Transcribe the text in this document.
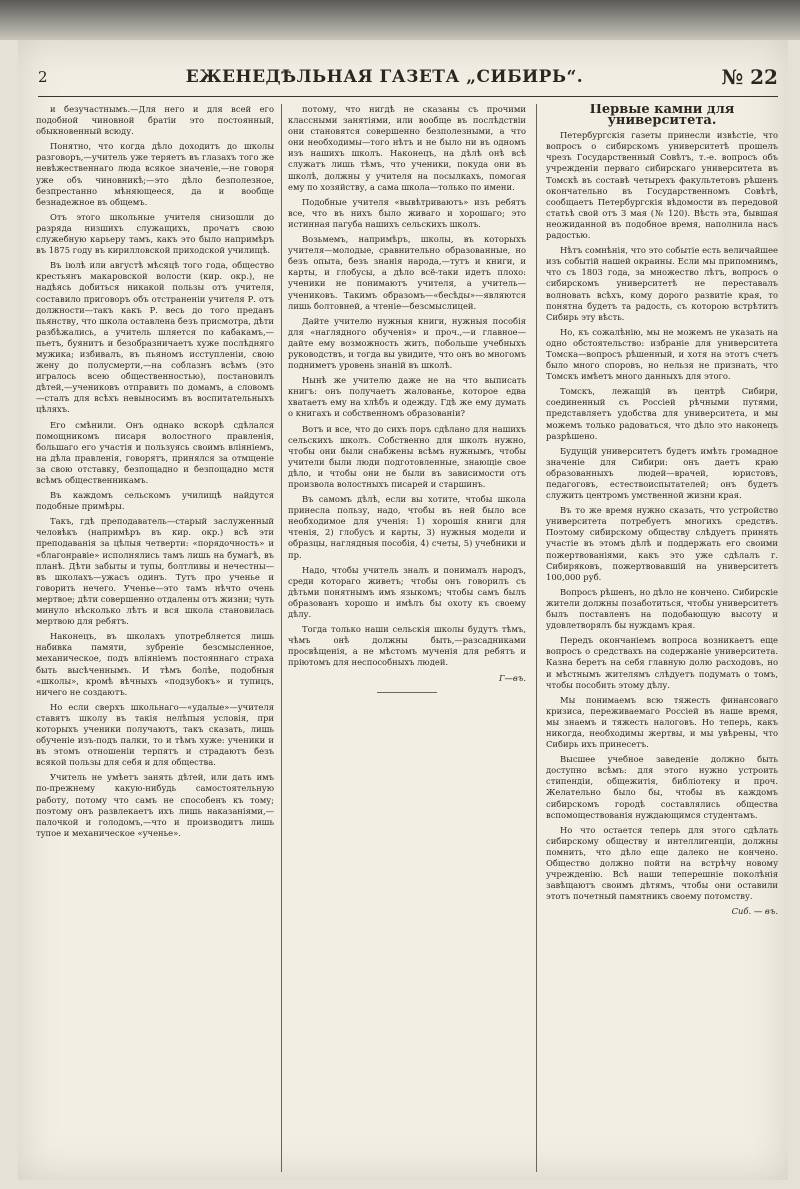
2	ЕЖЕНЕДѢЛЬНАЯ ГАЗЕТА „СИБИРЬ“.	№ 22

и безучастнымъ.—Для него и для всей его подобной чиновной братіи это постоянный, обыкновенный всюду.

Понятно, что когда дѣло доходитъ до школы разговоръ,—учитель уже теряетъ въ глазахъ того же невѣжественнаго люда всякое значеніе,—не говоря уже объ чиновникѣ;—это дѣло безполезное, безпрестанно мѣняющееся, да и вообще безнадежное въ общемъ.

Отъ этого школьные учителя снизошли до разряда низшихъ служащихъ, прочатъ свою служебную карьеру тамъ, какъ это было напримѣръ въ 1875 году въ кирилловской приходской училищѣ.

Въ іюлѣ или августѣ мѣсяцѣ того года, общество крестьянъ макаровской волости (кир. окр.), не надѣясь добиться никакой пользы отъ учителя, составило приговоръ объ отстраненіи учителя Р. отъ должности—такъ какъ Р. весь до того преданъ пьянству, что школа оставлена безъ присмотра, дѣти разбѣжались, а учитель шляется по кабакамъ,—пьетъ, буянитъ и безобразничаетъ хуже послѣдняго мужика; избивалъ, въ пьяномъ исступленіи, свою жену до полусмерти,—на соблазнъ всѣмъ (это игралось всею общественностью), постановилъ дѣтей,—учениковъ отправить по домамъ, а словомъ—сталъ для всѣхъ невыносимъ въ воспитательныхъ цѣляхъ.

Его смѣнили. Онъ однако вскорѣ сдѣлался помощникомъ писаря волостного правленія, большаго его участія и пользуясь своимъ вліяніемъ, на дѣла правленія, говорятъ, принялся за отмщеніе за свою отставку, безпощадно и безпощадно мстя всѣмъ общественникамъ.

Въ каждомъ сельскомъ училищѣ найдутся подобные примѣры.

Такъ, гдѣ преподаватель—старый заслуженный человѣкъ (напримѣръ въ кир. окр.) всѣ эти преподаванія за цѣлыя четверти: «порядочность» и «благонравіе» исполнялись тамъ лишь на бумагѣ, въ планѣ. Дѣти забыты и тупы, болтливы и нечестны—въ школахъ—ужасъ одинъ. Тутъ про ученье и говорить нечего. Ученье—это тамъ нѣчто очень мертвое; дѣти совершенно отдалены отъ жизни; чуть минуло нѣсколько лѣтъ и вся школа становилась мертвою для ребятъ.

Наконецъ, въ школахъ употребляется лишь набивка памяти, зубреніе безсмысленное, механическое, подъ вліяніемъ постояннаго страха быть высѣченнымъ. И тѣмъ болѣе, подобныя «школы», кромѣ вѣчныхъ «подзубокъ» и тупицъ, ничего не создаютъ.

Но если сверхъ школьнаго—«удалые»—учителя ставятъ школу въ такія нелѣпыя условія, при которыхъ ученики получаютъ, такъ сказать, лишь обученіе изъ-подъ палки, то и тѣмъ хуже: ученики и въ этомъ отношеніи терпятъ и страдаютъ безъ всякой пользы для себя и для общества.

Учитель не умѣетъ занять дѣтей, или дать имъ по-прежнему какую-нибудь самостоятельную работу, потому что самъ не способенъ къ тому; поэтому онъ развлекаетъ ихъ лишь наказаніями,—палочкой и голодомъ,—что и производитъ лишь тупое и механическое «ученье».

потому, что нигдѣ не сказаны съ прочими классными занятіями, или вообще въ послѣдствіи они становятся совершенно безполезными, а что они необходимы—того нѣтъ и не было ни въ одномъ изъ нашихъ школъ. Наконецъ, на дѣлѣ онѣ всѣ служатъ лишь тѣмъ, что ученики, покуда они въ школѣ, должны у учителя на посылкахъ, помогая ему по хозяйству, а сама школа—только по имени.

Подобные учителя «вывѣтриваютъ» изъ ребятъ все, что въ нихъ было живаго и хорошаго; это истинная пагуба нашихъ сельскихъ школъ.

Возьмемъ, напримѣръ, школы, въ которыхъ учителя—молодые, сравнительно образованные, но безъ опыта, безъ знанія народа,—тутъ и книги, и карты, и глобусы, а дѣло всё-таки идетъ плохо: ученики не понимаютъ учителя, а учитель—учениковъ. Такимъ образомъ—«бесѣды»—являются лишь болтовней, а чтеніе—безсмыслицей.

Дайте учителю нужныя книги, нужныя пособія для «наглядного обученія» и проч.,—и главное—дайте ему возможность жить, побольше учебныхъ руководствъ, и тогда вы увидите, что онъ во многомъ подниметъ уровень знаній въ школѣ.

Нынѣ же учителю даже не на что выписать книгъ: онъ получаетъ жалованье, которое едва хватаетъ ему на хлѣбъ и одежду. Гдѣ же ему думать о книгахъ и собственномъ образованіи?

Вотъ и все, что до сихъ поръ сдѣлано для нашихъ сельскихъ школъ. Собственно для школъ нужно, чтобы они были снабжены всѣмъ нужнымъ, чтобы учители были люди подготовленные, знающіе свое дѣло, и чтобы они не были въ зависимости отъ произвола волостныхъ писарей и старшинъ.

Въ самомъ дѣлѣ, если вы хотите, чтобы школа принесла пользу, надо, чтобы въ ней было все необходимое для ученія: 1) хорошія книги для чтенія, 2) глобусъ и карты, 3) нужныя модели и образцы, наглядныя пособія, 4) счеты, 5) учебники и пр.

Надо, чтобы учитель зналъ и понималъ народъ, среди котораго живетъ; чтобы онъ говорилъ съ дѣтьми понятнымъ имъ языкомъ; чтобы самъ былъ образованъ хорошо и имѣлъ бы охоту къ своему дѣлу.

Тогда только наши сельскія школы будутъ тѣмъ, чѣмъ онѣ должны быть,—разсадниками просвѣщенія, а не мѣстомъ мученія для ребятъ и пріютомъ для неспособныхъ людей.

Г—въ.

Первые камни для университета.

Петербургскія газеты принесли извѣстіе, что вопросъ о сибирскомъ университетѣ прошелъ чрезъ Государственный Совѣтъ, т.-е. вопросъ объ учрежденіи перваго сибирскаго университета въ Томскѣ въ составѣ четырехъ факультетовъ рѣшенъ окончательно въ Государственномъ Совѣтѣ, сообщаетъ Петербургскія вѣдомости въ передовой статьѣ свой отъ 3 мая (№ 120). Вѣсть эта, бывшая неожиданной въ подобное время, наполнила насъ радостью.

Нѣтъ сомнѣнія, что это событіе есть величайшее изъ событій нашей окраины. Если мы припомнимъ, что съ 1803 года, за множество лѣтъ, вопросъ о сибирскомъ университетѣ не переставалъ волновать всѣхъ, кому дорого развитіе края, то понятна будетъ та радость, съ которою встрѣтитъ Сибирь эту вѣсть.

Но, къ сожалѣнію, мы не можемъ не указать на одно обстоятельство: избраніе для университета Томска—вопросъ рѣшенный, и хотя на этотъ счетъ было много споровъ, но нельзя не признать, что Томскъ имѣетъ много данныхъ для этого.

Томскъ, лежащій въ центрѣ Сибири, соединенный съ Россіей рѣчными путями, представляетъ удобства для университета, и мы можемъ только радоваться, что дѣло это наконецъ разрѣшено.

Будущій университетъ будетъ имѣть громадное значеніе для Сибири: онъ даетъ краю образованныхъ людей—врачей, юристовъ, педагоговъ, естествоиспытателей; онъ будетъ служить центромъ умственной жизни края.

Въ то же время нужно сказать, что устройство университета потребуетъ многихъ средствъ. Поэтому сибирскому обществу слѣдуетъ принять участіе въ этомъ дѣлѣ и поддержать его своими пожертвованіями, какъ это уже сдѣлалъ г. Сибиряковъ, пожертвовавшій на университетъ 100,000 руб.

Вопросъ рѣшенъ, но дѣло не кончено. Сибирскіе жители должны позаботиться, чтобы университетъ былъ поставленъ на подобающую высоту и удовлетворялъ бы нуждамъ края.

Передъ окончаніемъ вопроса возникаетъ еще вопросъ о средствахъ на содержаніе университета. Казна беретъ на себя главную долю расходовъ, но и мѣстнымъ жителямъ слѣдуетъ подумать о томъ, чтобы пособить этому дѣлу.

Мы понимаемъ всю тяжесть финансоваго кризиса, переживаемаго Россіей въ наше время, мы знаемъ и тяжесть налоговъ. Но теперь, какъ никогда, необходимы жертвы, и мы увѣрены, что Сибирь ихъ принесетъ.

Высшее учебное заведеніе должно быть доступно всѣмъ: для этого нужно устроить стипендіи, общежитія, библіотеку и проч. Желательно было бы, чтобы въ каждомъ сибирскомъ городѣ составлялись общества вспомоществованія нуждающимся студентамъ.

Но что остается теперь для этого сдѣлать сибирскому обществу и интеллигенціи, должны помнить, что дѣло еще далеко не кончено. Общество должно пойти на встрѣчу новому учрежденію. Всѣ наши теперешніе поколѣнія завѣщаютъ своимъ дѣтямъ, чтобы они оставили этотъ почетный памятникъ своему потомству.

Сиб. — въ.
